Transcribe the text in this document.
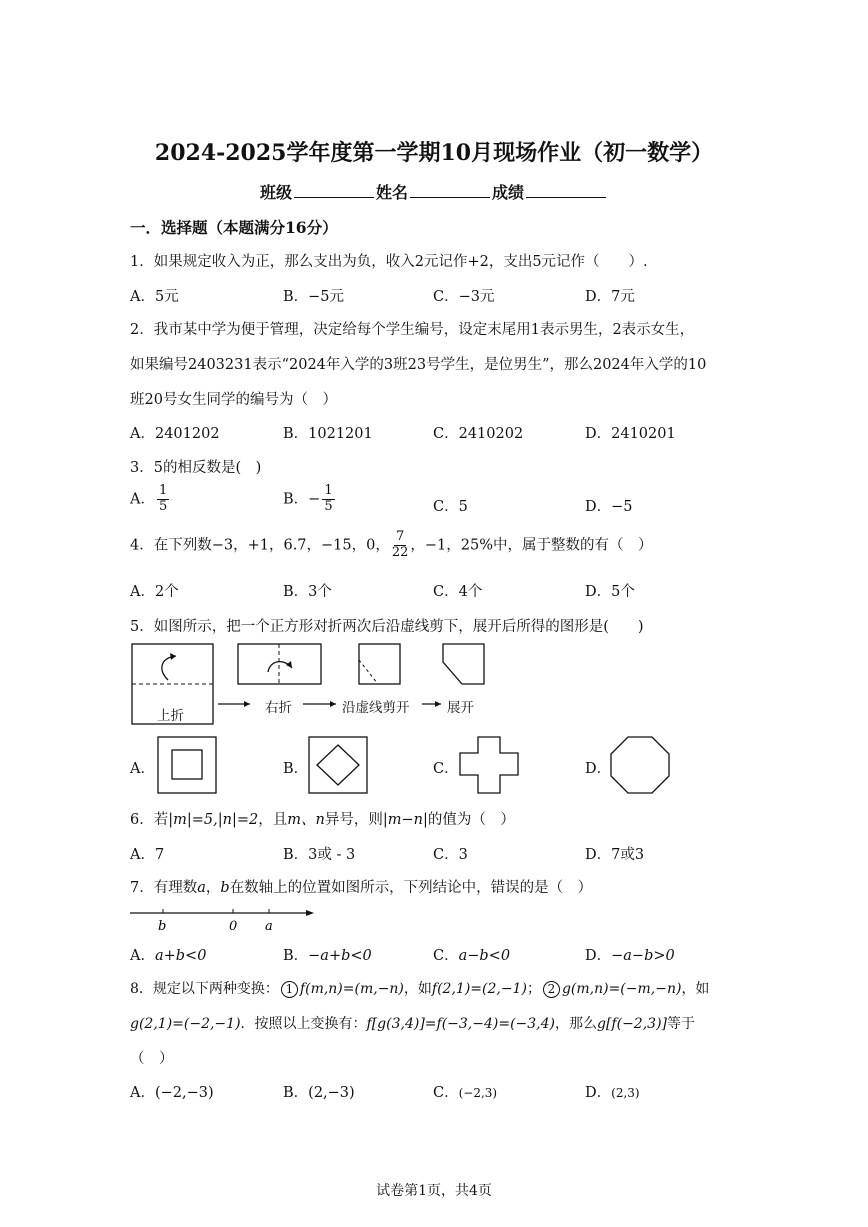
2024-2025学年度第一学期10月现场作业（初一数学）
班级	姓名	成绩
一．选择题（本题满分16分）
1．如果规定收入为正，那么支出为负，收入2元记作+2，支出5元记作（　　）.
A．5元	B．−5元	C．−3元	D．7元
2．我市某中学为便于管理，决定给每个学生编号，设定末尾用1表示男生，2表示女生，
如果编号2403231表示“2024年入学的3班23号学生，是位男生”，那么2024年入学的10
班20号女生同学的编号为（　）
A．2401202	B．1021201	C．2410202	D．2410201
3．5的相反数是(　)
A． $\frac{1}{5}$	B．− $\frac{1}{5}$	C．5	D．−5
4．在下列数−3，+1，6.7，−15，0， $\frac{7}{22}$ ，−1，25%中，属于整数的有（　）
A．2个	B．3个	C．4个	D．5个
5．如图所示，把一个正方形对折两次后沿虚线剪下，展开后所得的图形是(　　)
上折	右折	沿虚线剪开	展开
A．	B．	C．	D．
6．若|m|=5,|n|=2，且m、n异号，则|m−n|的值为（　）
A．7	B．3或 - 3	C．3	D．7或3
7．有理数a，b在数轴上的位置如图所示，下列结论中，错误的是（　）
b	0 a
A．a+b<0	B．−a+b<0	C．a−b<0	D．−a−b>0
8．规定以下两种变换： 1 f(m,n)=(m,−n)，如f(2,1)=(2,−1)； 2 g(m,n)=(−m,−n)，如
g(2,1)=(−2,−1)．按照以上变换有：f[g(3,4)]=f(−3,−4)=(−3,4)，那么g[f(−2,3)]等于
（　）
A．(−2,−3)	B．(2,−3)	C．(−2,3)	D．(2,3)
试卷第1页，共4页
